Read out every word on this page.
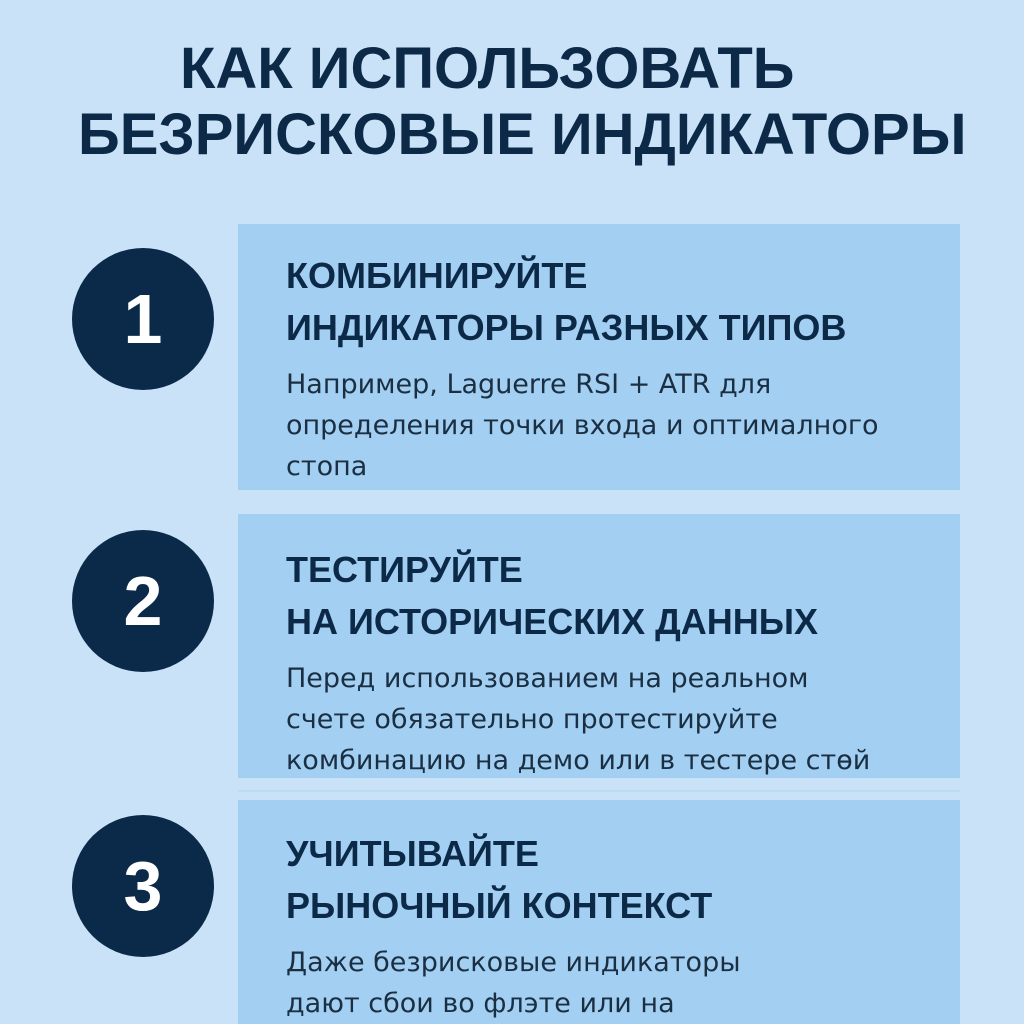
КАК ИСПОЛЬЗОВАТЬ
БЕЗРИСКОВЫЕ ИНДИКАТОРЫ
1
КОМБИНИРУЙТЕ
ИНДИКАТОРЫ РАЗНЫХ ТИПОВ
Например, Laguerre RSI + ATR для
определения точки входа и оптималного
стопа
2	ТЕСТИРУЙТЕ
НА ИСТОРИЧЕСКИХ ДАННЫХ
Перед использованием на реальном
счете обязательно протестируйте
комбинацию на демо или в тестере стөй
3	УЧИТЫВАЙТЕ
РЫНОЧНЫЙ КОНТЕКСТ
Даже безрисковые индикаторы
дают сбои во флэте или на
